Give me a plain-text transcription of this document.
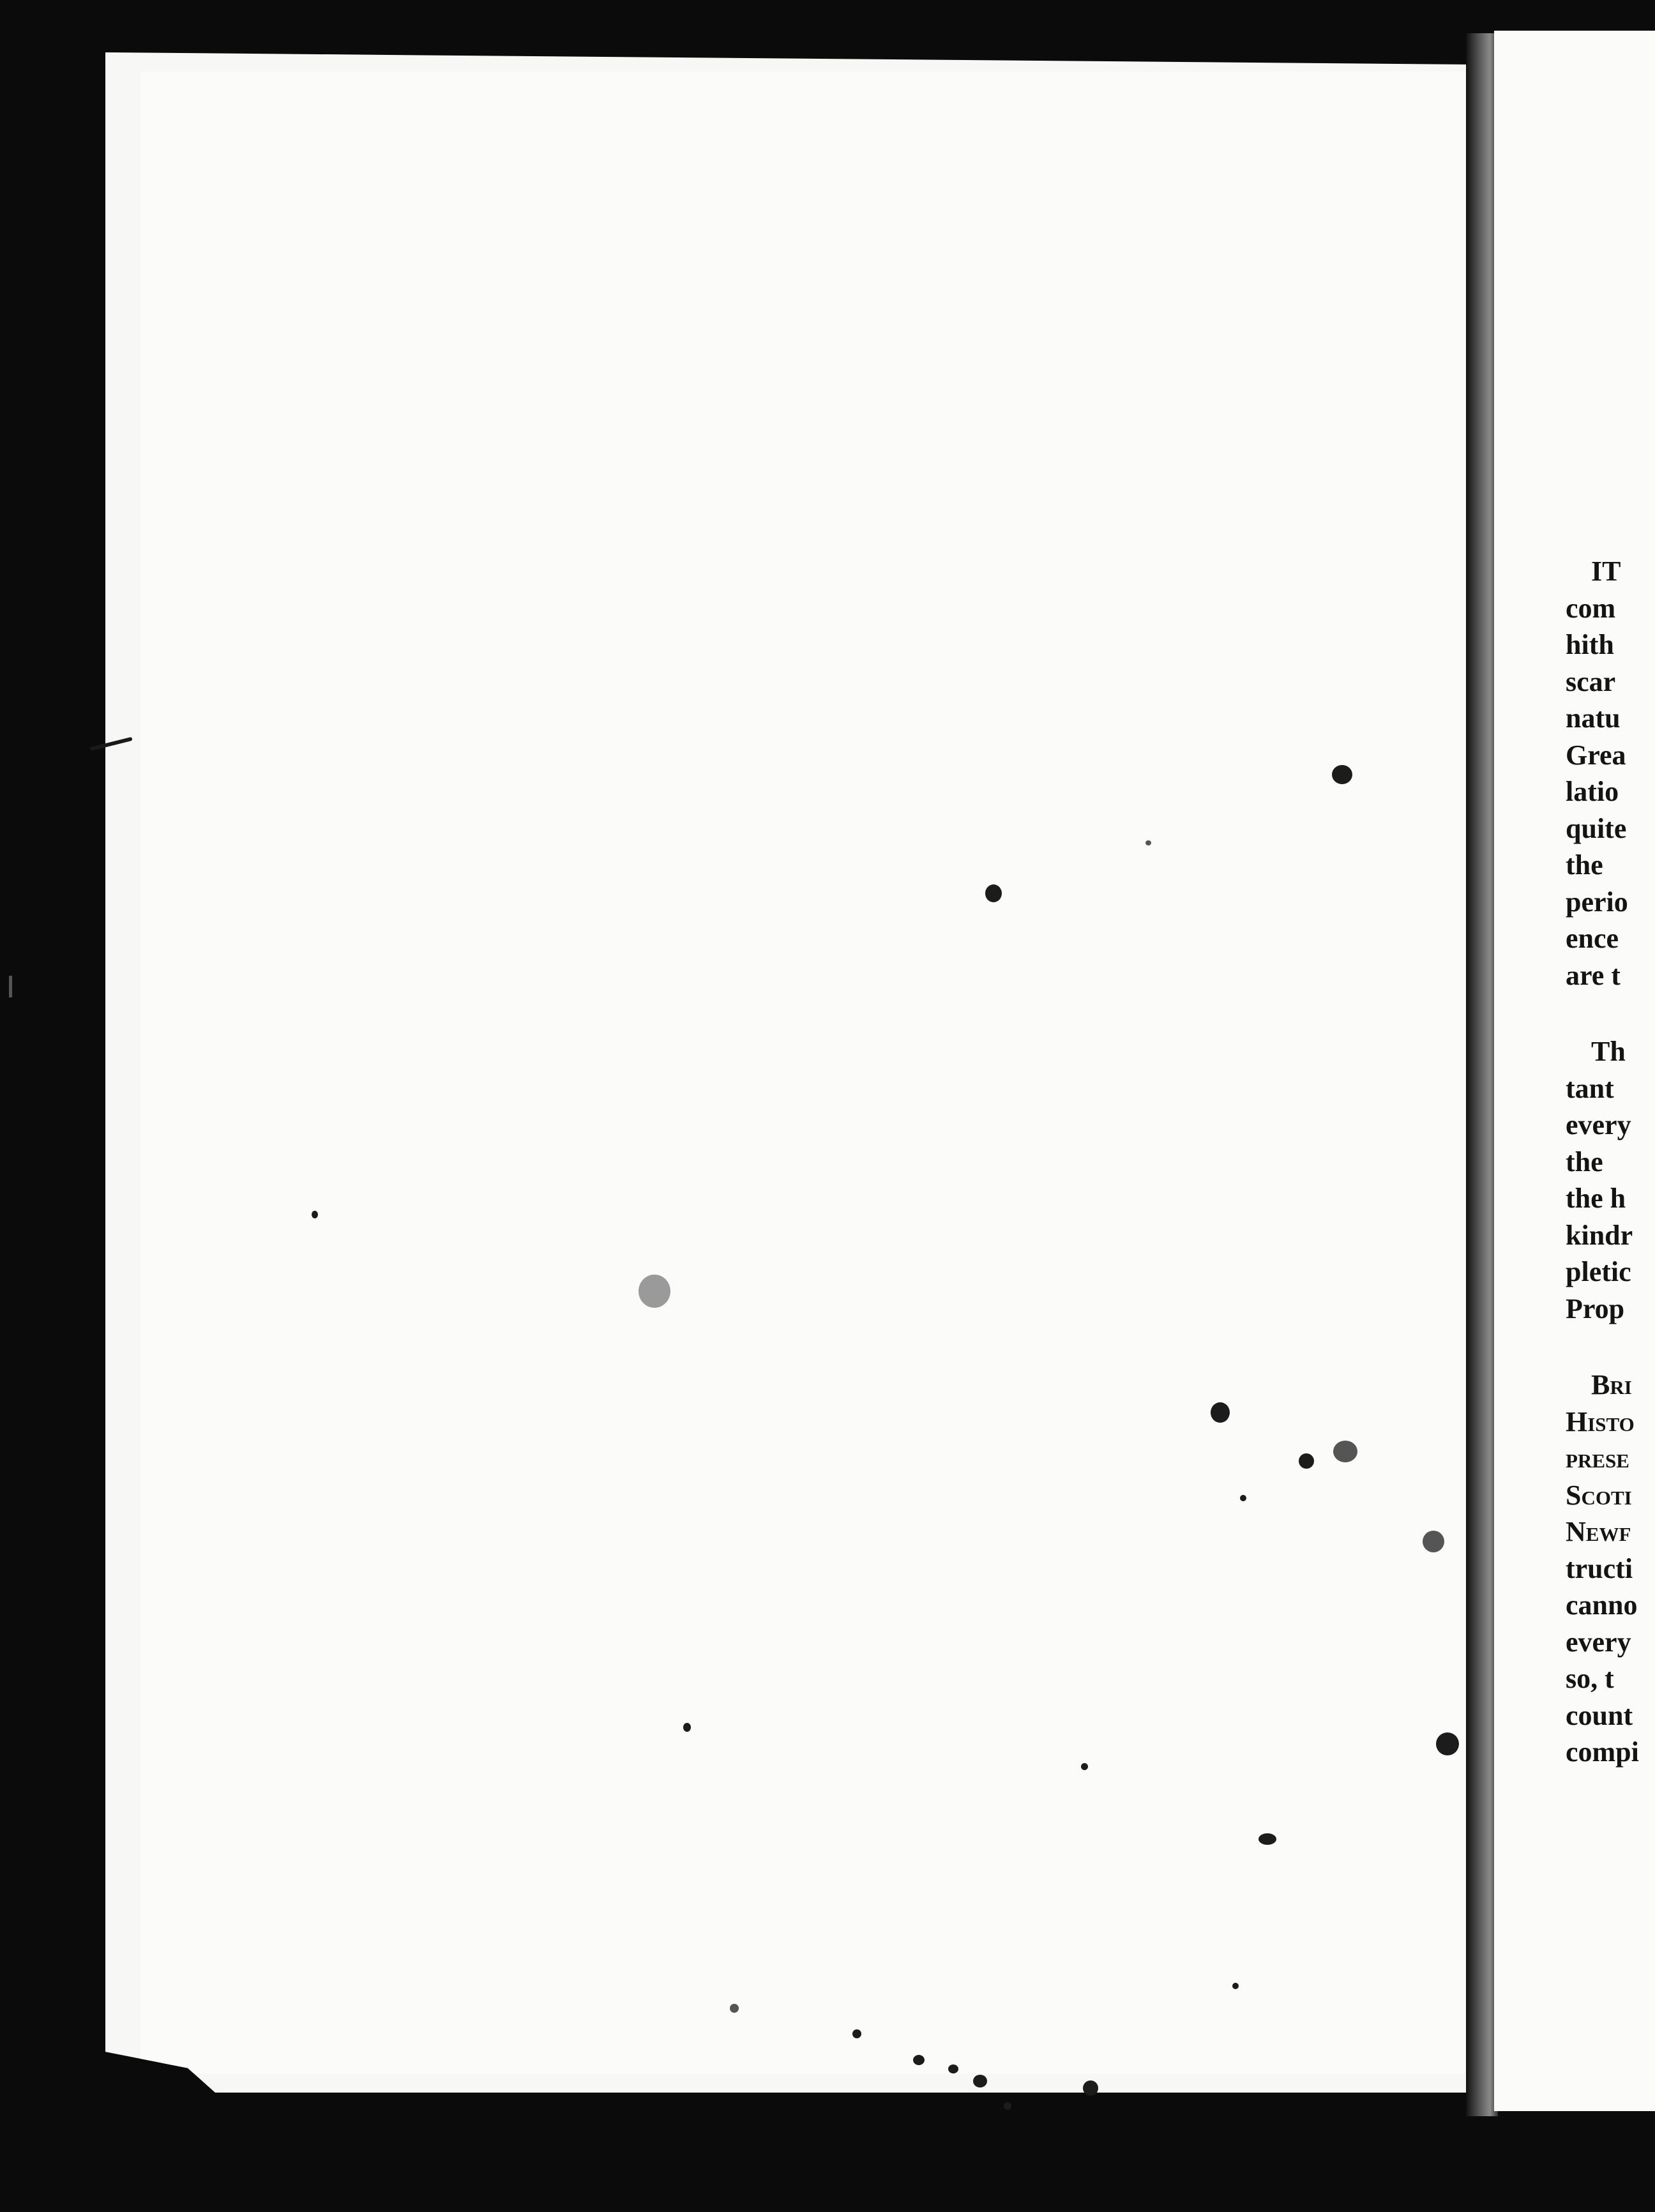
IT
com
hith
scar
natu
Grea
latio
quite
the
perio
ence
are t
Th
tant
every
the
the h
kindr
pletic
Prop
Bri
Histo
prese
Scoti
Newf
tructi
canno
every
so, t
count
compi
